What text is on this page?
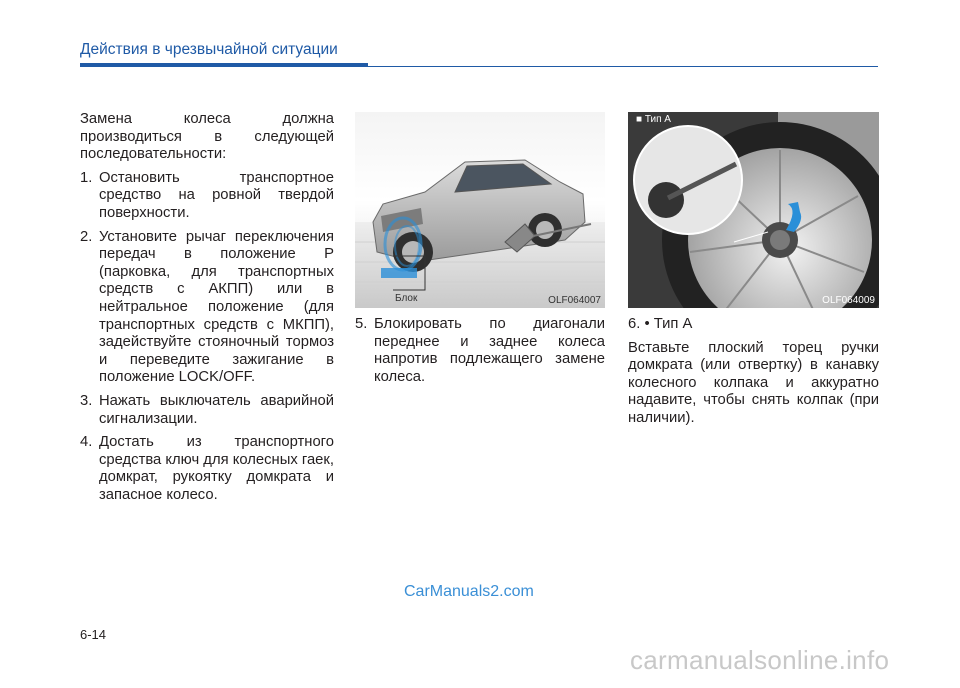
Действия в чрезвычайной ситуации

Замена колеса должна производиться в следующей последовательности:

1. Остановить транспортное средство на ровной твердой поверхности.
2. Установите рычаг переключения передач в положение P (парковка, для транспортных средств с АКПП) или в нейтральное положение (для транспортных средств с МКПП), задействуйте стояночный тормоз и переведите зажигание в положение LOCK/OFF.
3. Нажать выключатель аварийной сигнализации.
4. Достать из транспортного средства ключ для колесных гаек, домкрат, рукоятку домкрата и запасное колесо.
Блок	OLF064007
5. Блокировать по диагонали переднее и заднее колеса напротив подлежащего замене колеса.
■ Тип A
OLF064009

6. • Тип A

Вставьте плоский торец ручки домкрата (или отвертку) в канавку колесного колпака и аккуратно надавите, чтобы снять колпак (при наличии).

CarManuals2.com
6-14
carmanualsonline.info
